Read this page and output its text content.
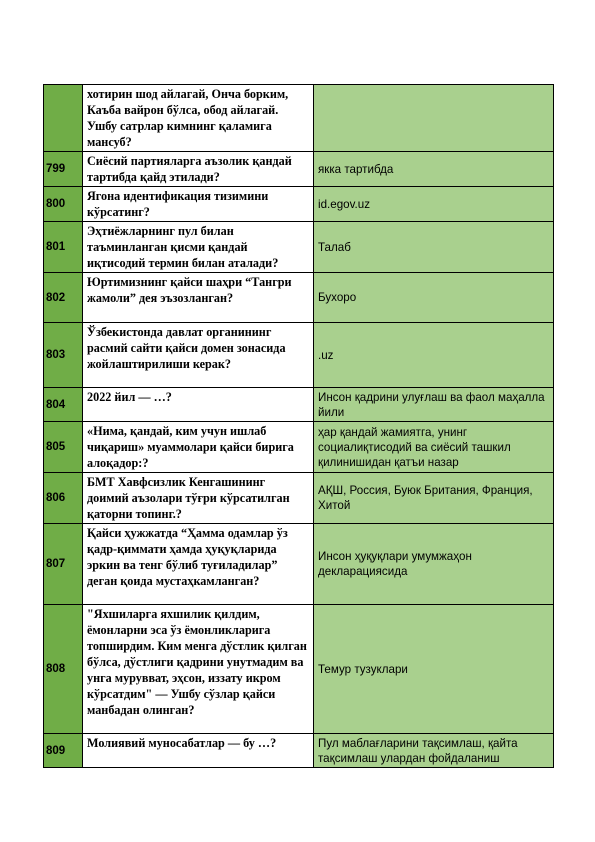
	хотирин шод айлагай, Онча борким, Каъба вайрон бўлса, обод айлагай. Ушбу сатрлар кимнинг қаламига мансуб?	
799	Сиёсий партияларга аъзолик қандай тартибда қайд этилади?	якка тартибда
800	Ягона идентификация тизимини кўрсатинг?	id.egov.uz
801	Эҳтиёжларнинг пул билан таъминланган қисми қандай иқтисодий термин билан аталади?	Талаб
802	Юртимизнинг қайси шаҳри “Тангри жамоли” дея эъзозланган?	Бухоро
803	Ўзбекистонда давлат органининг расмий сайти қайси домен зонасида жойлаштирилиши керак?	.uz
804	2022 йил — …?	Инсон қадрини улуғлаш ва фаол маҳалла йили
805	«Нима, қандай, ким учун ишлаб чиқариш» муаммолари қайси бирига алоқадор:?	ҳар қандай жамиятга, унинг социалиқтисодий ва сиёсий ташкил қилинишидан қатъи назар
806	БМТ Хавфсизлик Кенгашининг доимий аъзолари тўғри кўрсатилган қаторни топинг.?	АҚШ, Россия, Буюк Британия, Франция, Хитой
807	Қайси ҳужжатда “Ҳамма одамлар ўз қадр-қиммати ҳамда ҳуқуқларида эркин ва тенг бўлиб туғиладилар” деган қоида мустаҳкамланган?	Инсон ҳуқуқлари умумжаҳон декларациясида
808	"Яхшиларга яхшилик қилдим, ёмонларни эса ўз ёмонликларига топширдим. Ким менга дўстлик қилган бўлса, дўстлиги қадрини унутмадим ва унга мурувват, эҳсон, иззату икром кўрсатдим" — Ушбу сўзлар қайси манбадан олинган?	Темур тузуклари
809	Молиявий муносабатлар — бу …?	Пул маблағларини тақсимлаш, қайта тақсимлаш улардан фойдаланиш
